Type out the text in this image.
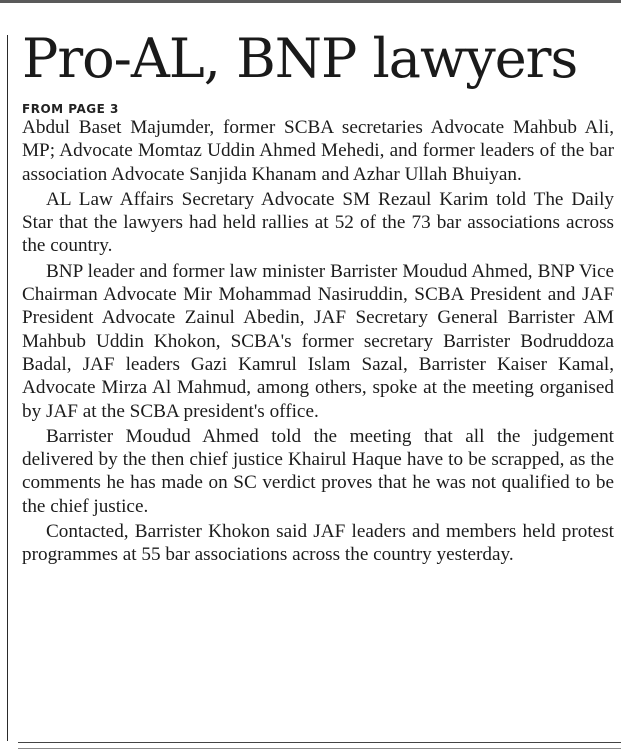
Pro-AL, BNP lawyers
FROM PAGE 3

Abdul Baset Majumder, former SCBA secretaries Advocate Mahbub Ali, MP; Advocate Momtaz Uddin Ahmed Mehedi, and former leaders of the bar association Advocate Sanjida Khanam and Azhar Ullah Bhuiyan.

AL Law Affairs Secretary Advocate SM Rezaul Karim told The Daily Star that the lawyers had held rallies at 52 of the 73 bar associations across the country.

BNP leader and former law minister Barrister Moudud Ahmed, BNP Vice Chairman Advocate Mir Mohammad Nasiruddin, SCBA President and JAF President Advocate Zainul Abedin, JAF Secretary General Barrister AM Mahbub Uddin Khokon, SCBA's former secretary Barrister Bodruddoza Badal, JAF leaders Gazi Kamrul Islam Sazal, Barrister Kaiser Kamal, Advocate Mirza Al Mahmud, among others, spoke at the meeting organised by JAF at the SCBA president's office.

Barrister Moudud Ahmed told the meeting that all the judgement delivered by the then chief justice Khairul Haque have to be scrapped, as the comments he has made on SC verdict proves that he was not qualified to be the chief justice.

Contacted, Barrister Khokon said JAF leaders and members held protest programmes at 55 bar associations across the country yesterday.
